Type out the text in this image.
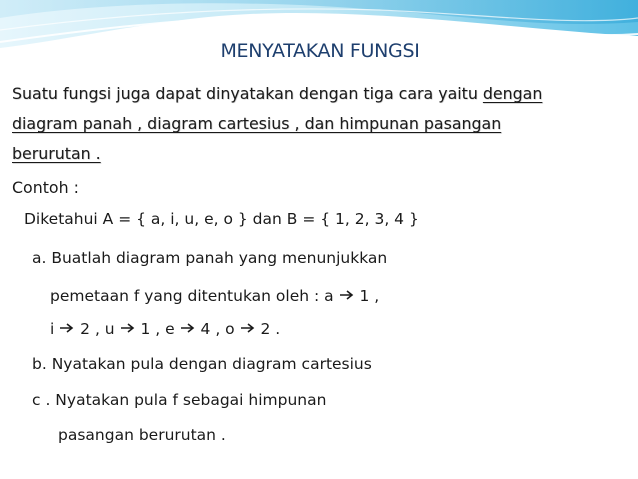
MENYATAKAN FUNGSI
Suatu fungsi juga dapat dinyatakan dengan tiga cara yaitu dengan
diagram panah , diagram cartesius , dan himpunan pasangan
berurutan .
Contoh :
Diketahui A = { a, i, u, e, o } dan B = { 1, 2, 3, 4 }
a. Buatlah diagram panah yang menunjukkan
pemetaan f yang ditentukan oleh : a  1 ,
i  2 , u  1 , e  4 , o  2 .
b. Nyatakan pula dengan diagram cartesius
c . Nyatakan pula f sebagai himpunan
pasangan berurutan .
